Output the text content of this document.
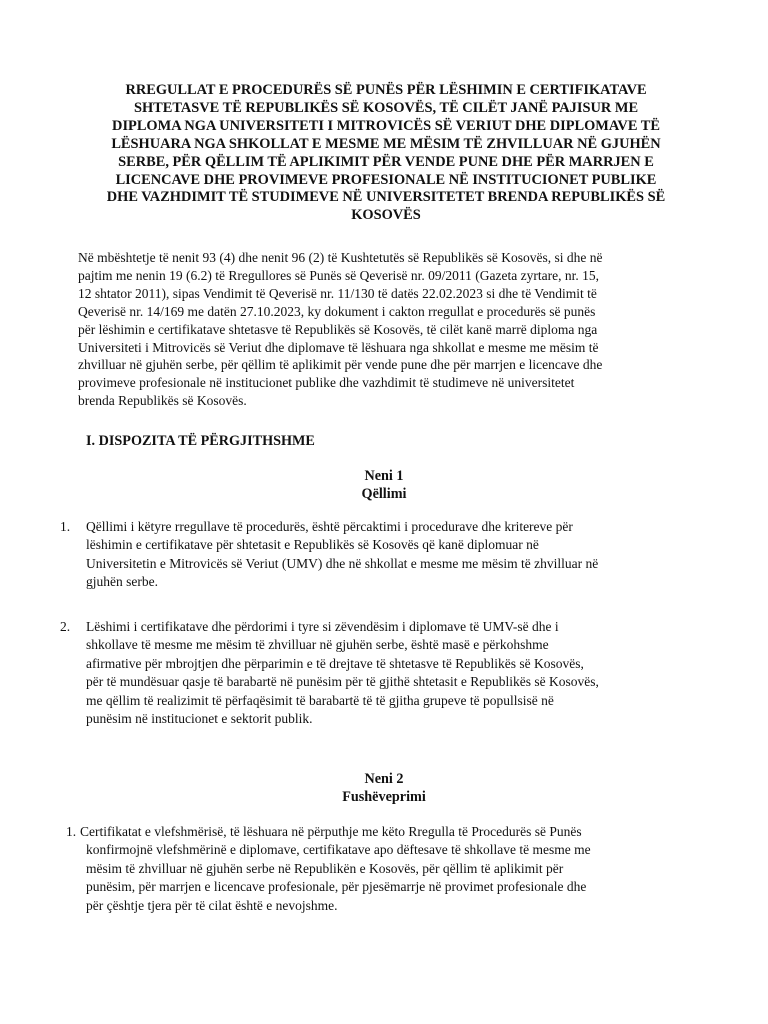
RREGULLAT E PROCEDURËS SË PUNËS PËR LËSHIMIN E CERTIFIKATAVE
SHTETASVE TË REPUBLIKËS SË KOSOVËS, TË CILËT JANË PAJISUR ME
DIPLOMA NGA UNIVERSITETI I MITROVICËS SË VERIUT DHE DIPLOMAVE TË
LËSHUARA NGA SHKOLLAT E MESME ME MËSIM TË ZHVILLUAR NË GJUHËN
SERBE, PËR QËLLIM TË APLIKIMIT PËR VENDE PUNE DHE PËR MARRJEN E
LICENCAVE DHE PROVIMEVE PROFESIONALE NË INSTITUCIONET PUBLIKE
DHE VAZHDIMIT TË STUDIMEVE NË UNIVERSITETET BRENDA REPUBLIKËS SË
KOSOVËS

Në mbështetje të nenit 93 (4) dhe nenit 96 (2) të Kushtetutës së Republikës së Kosovës, si dhe në
pajtim me nenin 19 (6.2) të Rregullores së Punës së Qeverisë nr. 09/2011 (Gazeta zyrtare, nr. 15,
12 shtator 2011), sipas Vendimit të Qeverisë nr. 11/130 të datës 22.02.2023 si dhe të Vendimit të
Qeverisë nr. 14/169 me datën 27.10.2023, ky dokument i cakton rregullat e procedurës së punës
për lëshimin e certifikatave shtetasve të Republikës së Kosovës, të cilët kanë marrë diploma nga
Universiteti i Mitrovicës së Veriut dhe diplomave të lëshuara nga shkollat e mesme me mësim të
zhvilluar në gjuhën serbe, për qëllim të aplikimit për vende pune dhe për marrjen e licencave dhe
provimeve profesionale në institucionet publike dhe vazhdimit të studimeve në universitetet
brenda Republikës së Kosovës.

I. DISPOZITA TË PËRGJITHSHME
Neni 1
Qëllimi
1. Qëllimi i këtyre rregullave të procedurës, është përcaktimi i procedurave dhe kritereve për
lëshimin e certifikatave për shtetasit e Republikës së Kosovës që kanë diplomuar në
Universitetin e Mitrovicës së Veriut (UMV) dhe në shkollat e mesme me mësim të zhvilluar në
gjuhën serbe.

2. Lëshimi i certifikatave dhe përdorimi i tyre si zëvendësim i diplomave të UMV-së dhe i
shkollave të mesme me mësim të zhvilluar në gjuhën serbe, është masë e përkohshme
afirmative për mbrojtjen dhe përparimin e të drejtave të shtetasve të Republikës së Kosovës,
për të mundësuar qasje të barabartë në punësim për të gjithë shtetasit e Republikës së Kosovës,
me qëllim të realizimit të përfaqësimit të barabartë të të gjitha grupeve të popullsisë në
punësim në institucionet e sektorit publik.

Neni 2
Fushëveprimi
1. Certifikatat e vlefshmërisë, të lëshuara në përputhje me këto Rregulla të Procedurës së Punës
konfirmojnë vlefshmërinë e diplomave, certifikatave apo dëftesave të shkollave të mesme me
mësim të zhvilluar në gjuhën serbe në Republikën e Kosovës, për qëllim të aplikimit për
punësim, për marrjen e licencave profesionale, për pjesëmarrje në provimet profesionale dhe
për çështje tjera për të cilat është e nevojshme.
